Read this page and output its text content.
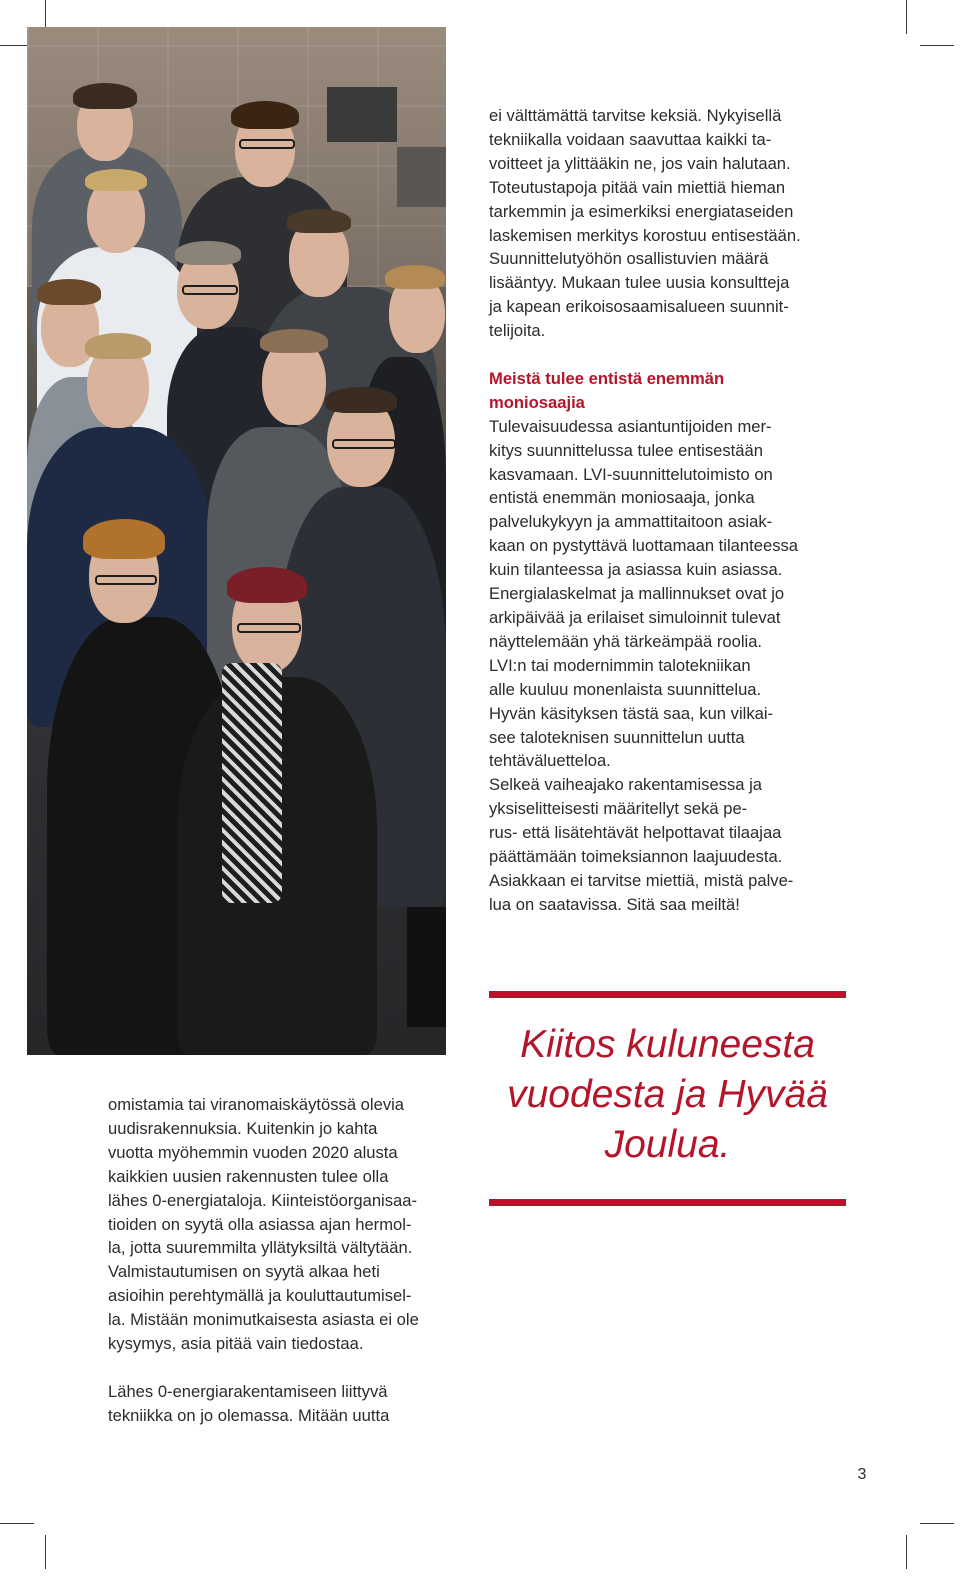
ei välttämättä tarvitse keksiä. Nykyisellä
tekniikalla voidaan saavuttaa kaikki ta-
voitteet ja ylittääkin ne, jos vain halutaan.
Toteutustapoja pitää vain miettiä hieman
tarkemmin ja esimerkiksi energiataseiden
laskemisen merkitys korostuu entisestään.
Suunnittelutyöhön osallistuvien määrä
lisääntyy. Mukaan tulee uusia konsultteja
ja kapean erikoisosaamisalueen suunnit-
telijoita.

Meistä tulee entistä enemmän
moniosaajia

Tulevaisuudessa asiantuntijoiden mer-
kitys suunnittelussa tulee entisestään
kasvamaan. LVI-suunnittelutoimisto on
entistä enemmän moniosaaja, jonka
palvelukykyyn ja ammattitaitoon asiak-
kaan on pystyttävä luottamaan tilanteessa
kuin tilanteessa ja asiassa kuin asiassa.
Energialaskelmat ja mallinnukset ovat jo
arkipäivää ja erilaiset simuloinnit tulevat
näyttelemään yhä tärkeämpää roolia.
LVI:n tai modernimmin talotekniikan
alle kuuluu monenlaista suunnittelua.
Hyvän käsityksen tästä saa, kun vilkai-
see taloteknisen suunnittelun uutta
tehtäväluetteloa.
Selkeä vaiheajako rakentamisessa ja
yksiselitteisesti määritellyt sekä pe-
rus- että lisätehtävät helpottavat tilaajaa
päättämään toimeksiannon laajuudesta.
Asiakkaan ei tarvitse miettiä, mistä palve-
lua on saatavissa. Sitä saa meiltä!

Kiitos kuluneesta
vuodesta ja Hyvää
Joulua.

omistamia tai viranomaiskäytössä olevia
uudisrakennuksia. Kuitenkin jo kahta
vuotta myöhemmin vuoden 2020 alusta
kaikkien uusien rakennusten tulee olla
lähes 0-energiataloja. Kiinteistöorganisaa-
tioiden on syytä olla asiassa ajan hermol-
la, jotta suuremmilta yllätyksiltä vältytään.
Valmistautumisen on syytä alkaa heti
asioihin perehtymällä ja kouluttautumisel-
la. Mistään monimutkaisesta asiasta ei ole
kysymys, asia pitää vain tiedostaa.

Lähes 0-energiarakentamiseen liittyvä
tekniikka on jo olemassa. Mitään uutta

3
